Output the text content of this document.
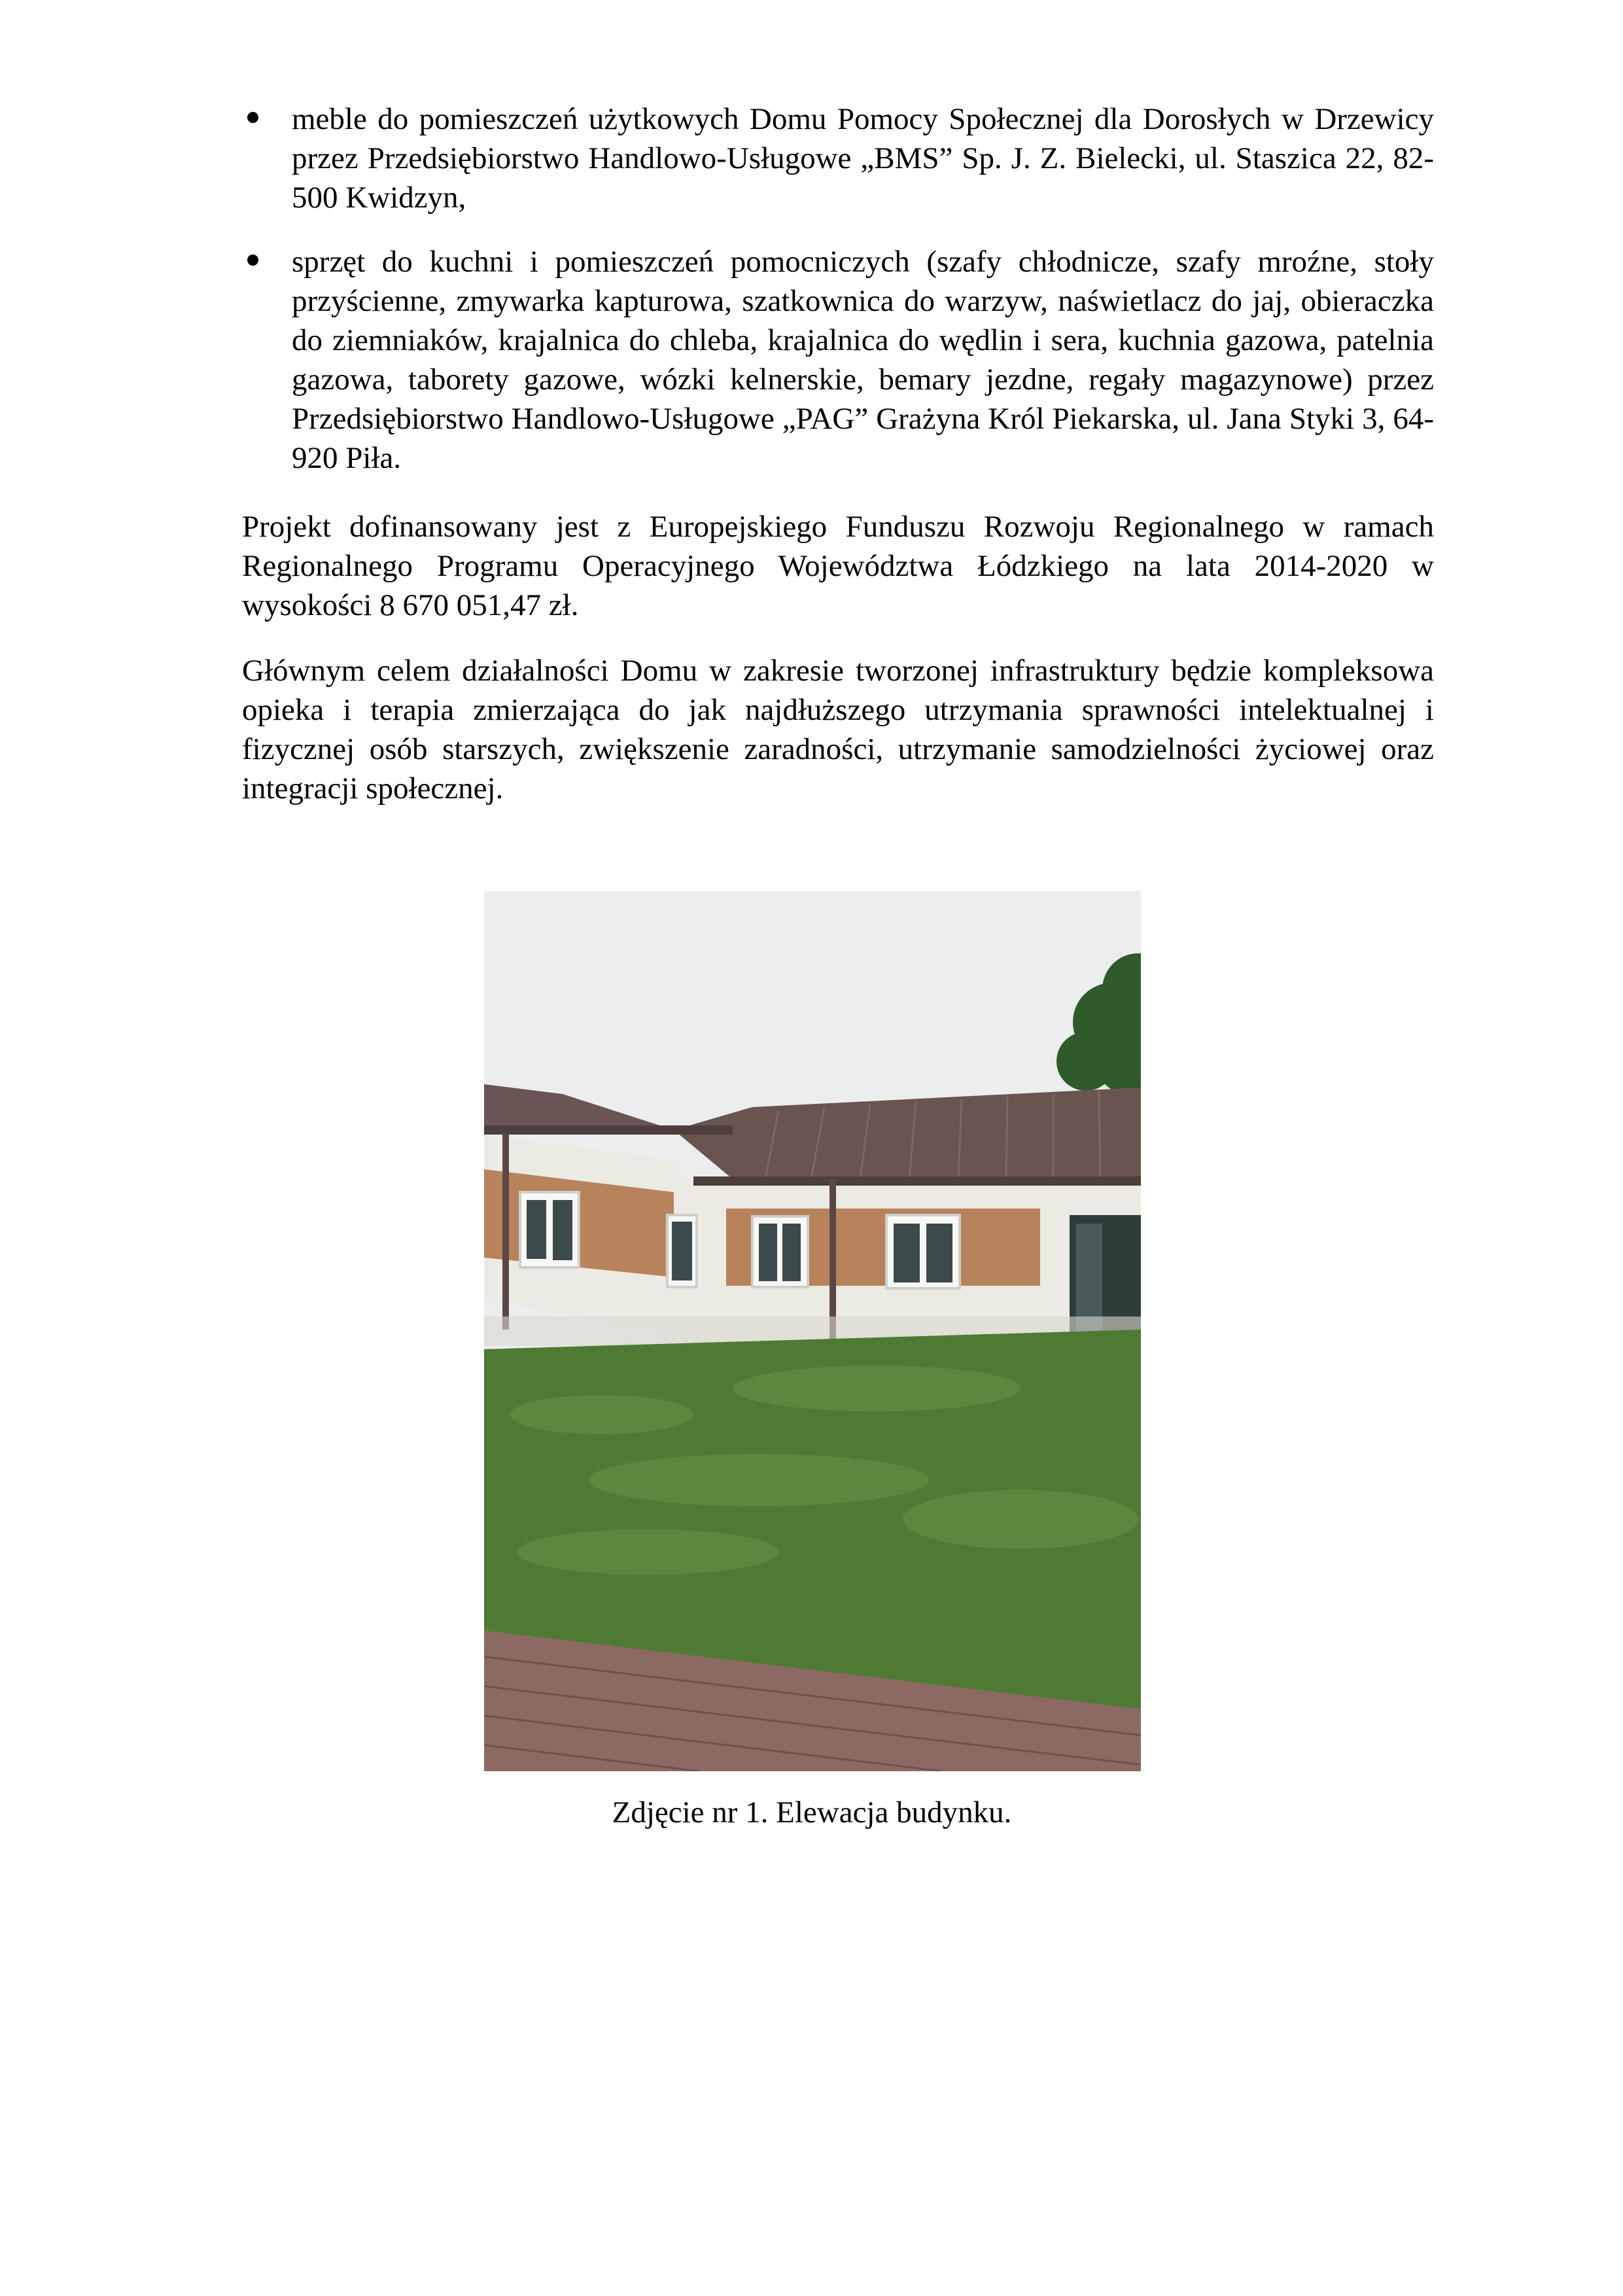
meble do pomieszczeń użytkowych Domu Pomocy Społecznej dla Dorosłych w Drzewicy przez Przedsiębiorstwo Handlowo-Usługowe „BMS” Sp. J. Z. Bielecki, ul. Staszica 22, 82-500 Kwidzyn,
sprzęt do kuchni i pomieszczeń pomocniczych (szafy chłodnicze, szafy mroźne, stoły przyścienne, zmywarka kapturowa, szatkownica do warzyw, naświetlacz do jaj, obieraczka do ziemniaków, krajalnica do chleba, krajalnica do wędlin i sera, kuchnia gazowa, patelnia gazowa, taborety gazowe, wózki kelnerskie, bemary jezdne, regały magazynowe) przez Przedsiębiorstwo Handlowo-Usługowe „PAG” Grażyna Król Piekarska, ul. Jana Styki 3, 64-920 Piła.

Projekt dofinansowany jest z Europejskiego Funduszu Rozwoju Regionalnego w ramach Regionalnego Programu Operacyjnego Województwa Łódzkiego na lata 2014-2020 w wysokości 8 670 051,47 zł.

Głównym celem działalności Domu w zakresie tworzonej infrastruktury będzie kompleksowa opieka i terapia zmierzająca do jak najdłuższego utrzymania sprawności intelektualnej i fizycznej osób starszych, zwiększenie zaradności, utrzymanie samodzielności życiowej oraz integracji społecznej.

Zdjęcie nr 1. Elewacja budynku.
